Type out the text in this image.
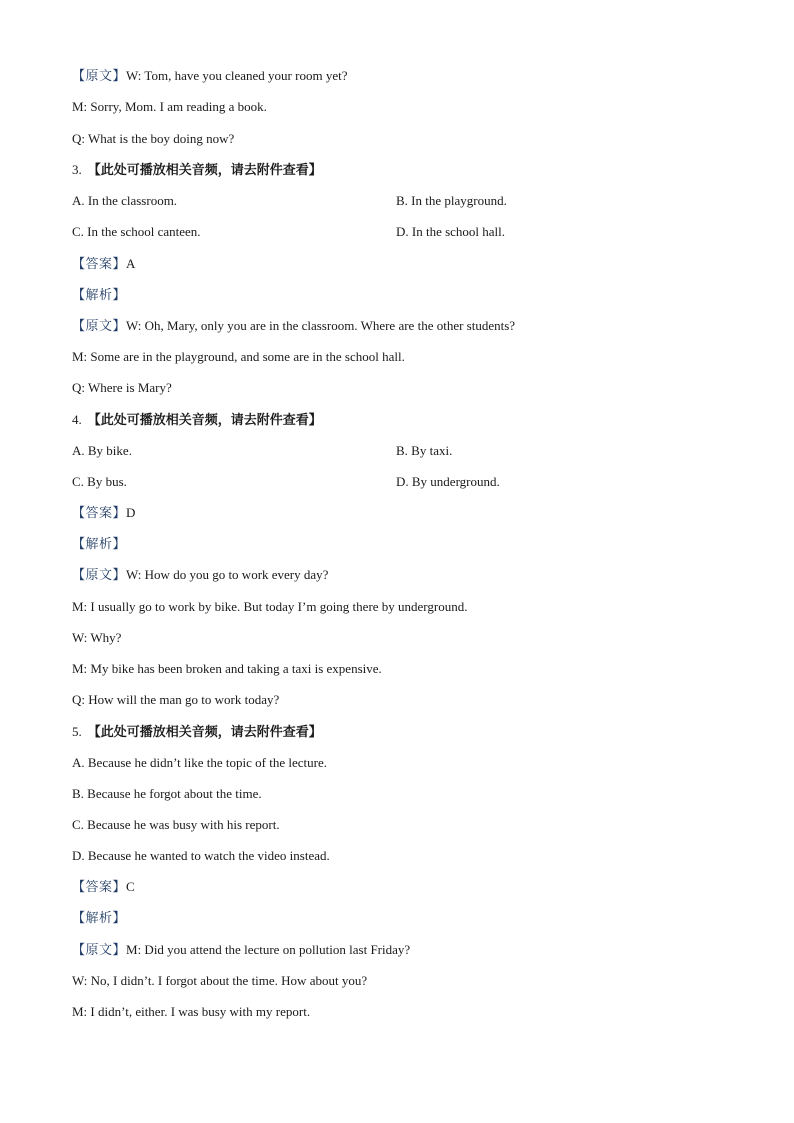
【原文】W: Tom, have you cleaned your room yet?
M: Sorry, Mom. I am reading a book.
Q: What is the boy doing now?
3. 【此处可播放相关音频，请去附件查看】
A. In the classroom.	B. In the playground.
C. In the school canteen.	D. In the school hall.
【答案】A
【解析】
【原文】W: Oh, Mary, only you are in the classroom. Where are the other students?
M: Some are in the playground, and some are in the school hall.
Q: Where is Mary?
4. 【此处可播放相关音频，请去附件查看】
A. By bike.	B. By taxi.
C. By bus.	D. By underground.
【答案】D
【解析】
【原文】W: How do you go to work every day?
M: I usually go to work by bike. But today I’m going there by underground.
W: Why?
M: My bike has been broken and taking a taxi is expensive.
Q: How will the man go to work today?
5. 【此处可播放相关音频，请去附件查看】
A. Because he didn’t like the topic of the lecture.
B. Because he forgot about the time.
C. Because he was busy with his report.
D. Because he wanted to watch the video instead.
【答案】C
【解析】
【原文】M: Did you attend the lecture on pollution last Friday?
W: No, I didn’t. I forgot about the time. How about you?
M: I didn’t, either. I was busy with my report.
